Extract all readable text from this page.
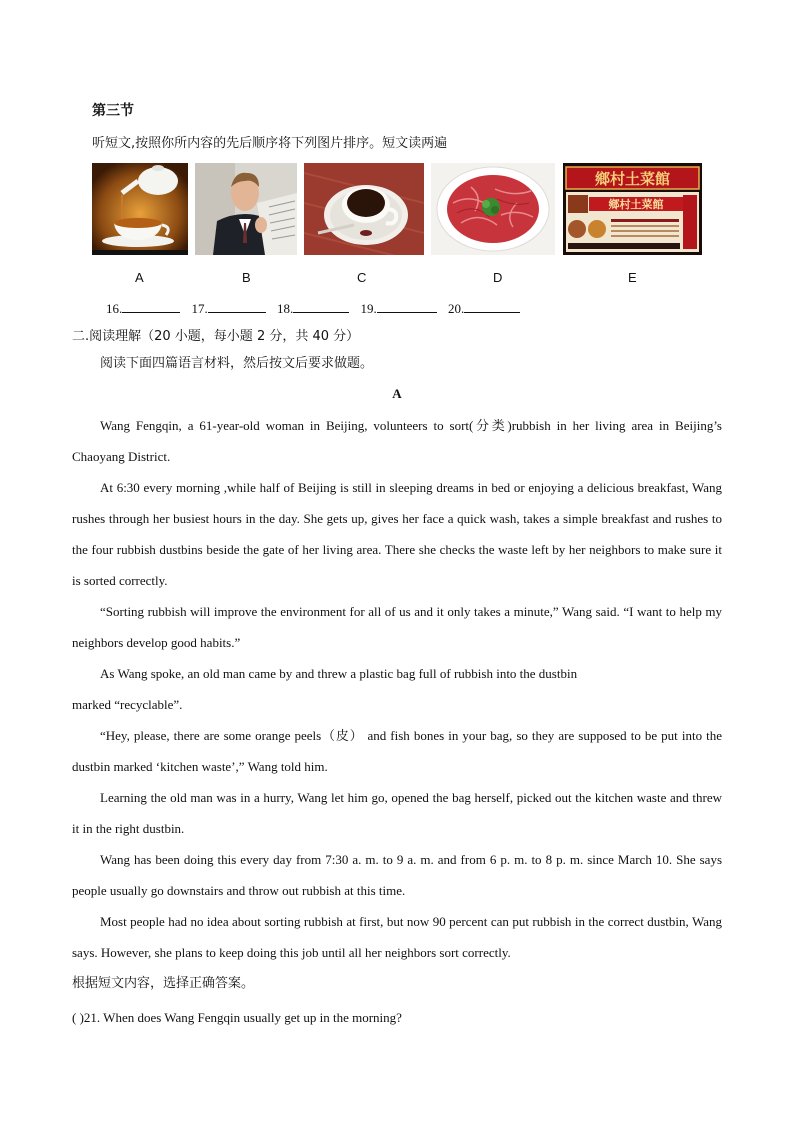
第三节
听短文,按照你所内容的先后顺序将下列图片排序。短文读两遍
鄉村土菜館
鄉村土菜館
A	B	C	D	E
16.	17.	18.	19.	20.
二.阅读理解（20 小题，每小题 2 分，共 40 分）
阅读下面四篇语言材料，然后按文后要求做题。
A

Wang Fengqin, a 61-year-old woman in Beijing, volunteers to sort(分类)rubbish in her living area in Beijing’s Chaoyang District.

At 6:30 every morning ,while half of Beijing is still in sleeping dreams in bed or enjoying a delicious breakfast, Wang rushes through her busiest hours in the day. She gets up, gives her face a quick wash, takes a simple breakfast and rushes to the four rubbish dustbins beside the gate of her living area. There she checks the waste left by her neighbors to make sure it is sorted correctly.

“Sorting rubbish will improve the environment for all of us and it only takes a minute,” Wang said. “I want to help my neighbors develop good habits.”

As Wang spoke, an old man came by and threw a plastic bag full of rubbish into the dustbin

marked “recyclable”.

“Hey, please, there are some orange peels（皮） and fish bones in your bag, so they are supposed to be put into the dustbin marked ‘kitchen waste’,” Wang told him.

Learning the old man was in a hurry, Wang let him go, opened the bag herself, picked out the kitchen waste and threw it in the right dustbin.

Wang has been doing this every day from 7:30 a. m. to 9 a. m. and from 6 p. m. to 8 p. m. since March 10. She says people usually go downstairs and throw out rubbish at this time.

Most people had no idea about sorting rubbish at first, but now 90 percent can put rubbish in the correct dustbin, Wang says. However, she plans to keep doing this job until all her neighbors sort correctly.

根据短文内容，选择正确答案。

( )21. When does Wang Fengqin usually get up in the morning?
